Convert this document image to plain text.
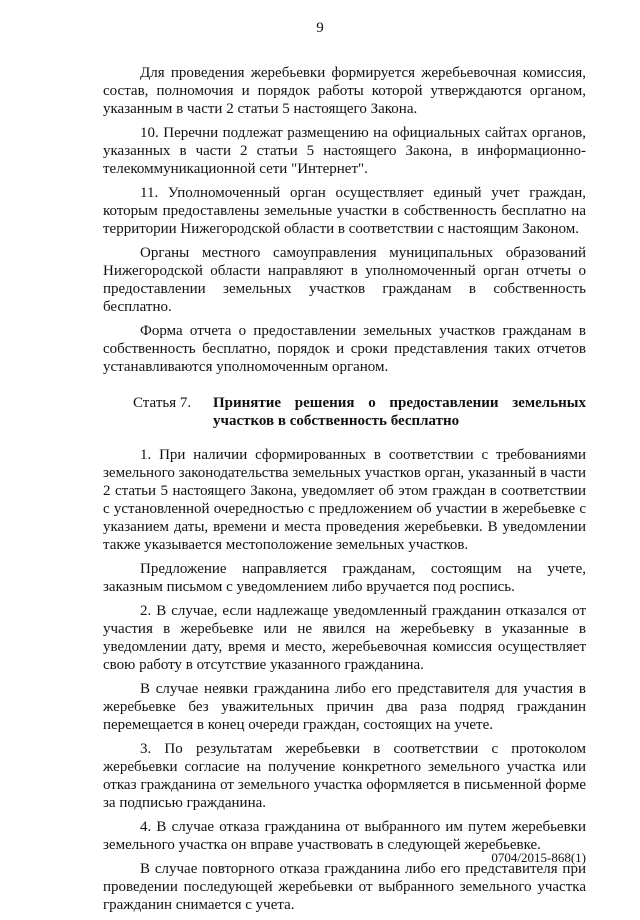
9

Для проведения жеребьевки формируется жеребьевочная комиссия, состав, полномочия и порядок работы которой утверждаются органом, указанным в части 2 статьи 5 настоящего Закона.

10. Перечни подлежат размещению на официальных сайтах органов, указанных в части 2 статьи 5 настоящего Закона, в информационно-телекоммуникационной сети "Интернет".

11. Уполномоченный орган осуществляет единый учет граждан, которым предоставлены земельные участки в собственность бесплатно на территории Нижегородской области в соответствии с настоящим Законом.

Органы местного самоуправления муниципальных образований Нижегородской области направляют в уполномоченный орган отчеты о предоставлении земельных участков гражданам в собственность бесплатно.

Форма отчета о предоставлении земельных участков гражданам в собственность бесплатно, порядок и сроки представления таких отчетов устанавливаются уполномоченным органом.

Статья 7.	Принятие решения о предоставлении земельных участков в собственность бесплатно

1. При наличии сформированных в соответствии с требованиями земельного законодательства земельных участков орган, указанный в части 2 статьи 5 настоящего Закона, уведомляет об этом граждан в соответствии с установленной очередностью с предложением об участии в жеребьевке с указанием даты, времени и места проведения жеребьевки. В уведомлении также указывается местоположение земельных участков.

Предложение направляется гражданам, состоящим на учете, заказным письмом с уведомлением либо вручается под роспись.

2. В случае, если надлежаще уведомленный гражданин отказался от участия в жеребьевке или не явился на жеребьевку в указанные в уведомлении дату, время и место, жеребьевочная комиссия осуществляет свою работу в отсутствие указанного гражданина.

В случае неявки гражданина либо его представителя для участия в жеребьевке без уважительных причин два раза подряд гражданин перемещается в конец очереди граждан, состоящих на учете.

3. По результатам жеребьевки в соответствии с протоколом жеребьевки согласие на получение конкретного земельного участка или отказ гражданина от земельного участка оформляется в письменной форме за подписью гражданина.

4. В случае отказа гражданина от выбранного им путем жеребьевки земельного участка он вправе участвовать в следующей жеребьевке.

В случае повторного отказа гражданина либо его представителя при проведении последующей жеребьевки от выбранного земельного участка гражданин снимается с учета.

0704/2015-868(1)
